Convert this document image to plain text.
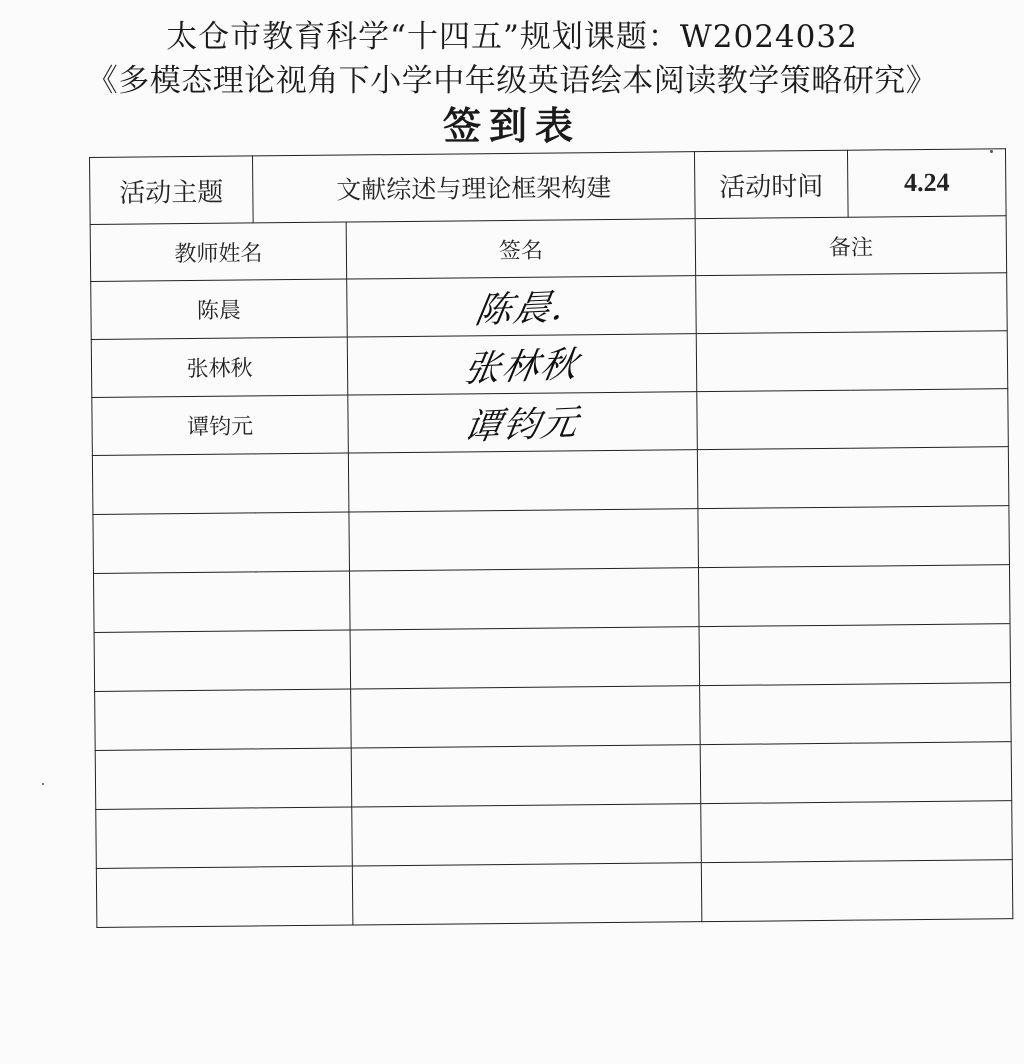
太仓市教育科学“十四五”规划课题：W2024032
《多模态理论视角下小学中年级英语绘本阅读教学策略研究》
签到表
活动主题	文献综述与理论框架构建		活动时间	4.24
教师姓名		签名	备注	
陈晨		陈晨.		
张林秋		张林秋		
谭钧元		谭钧元		
